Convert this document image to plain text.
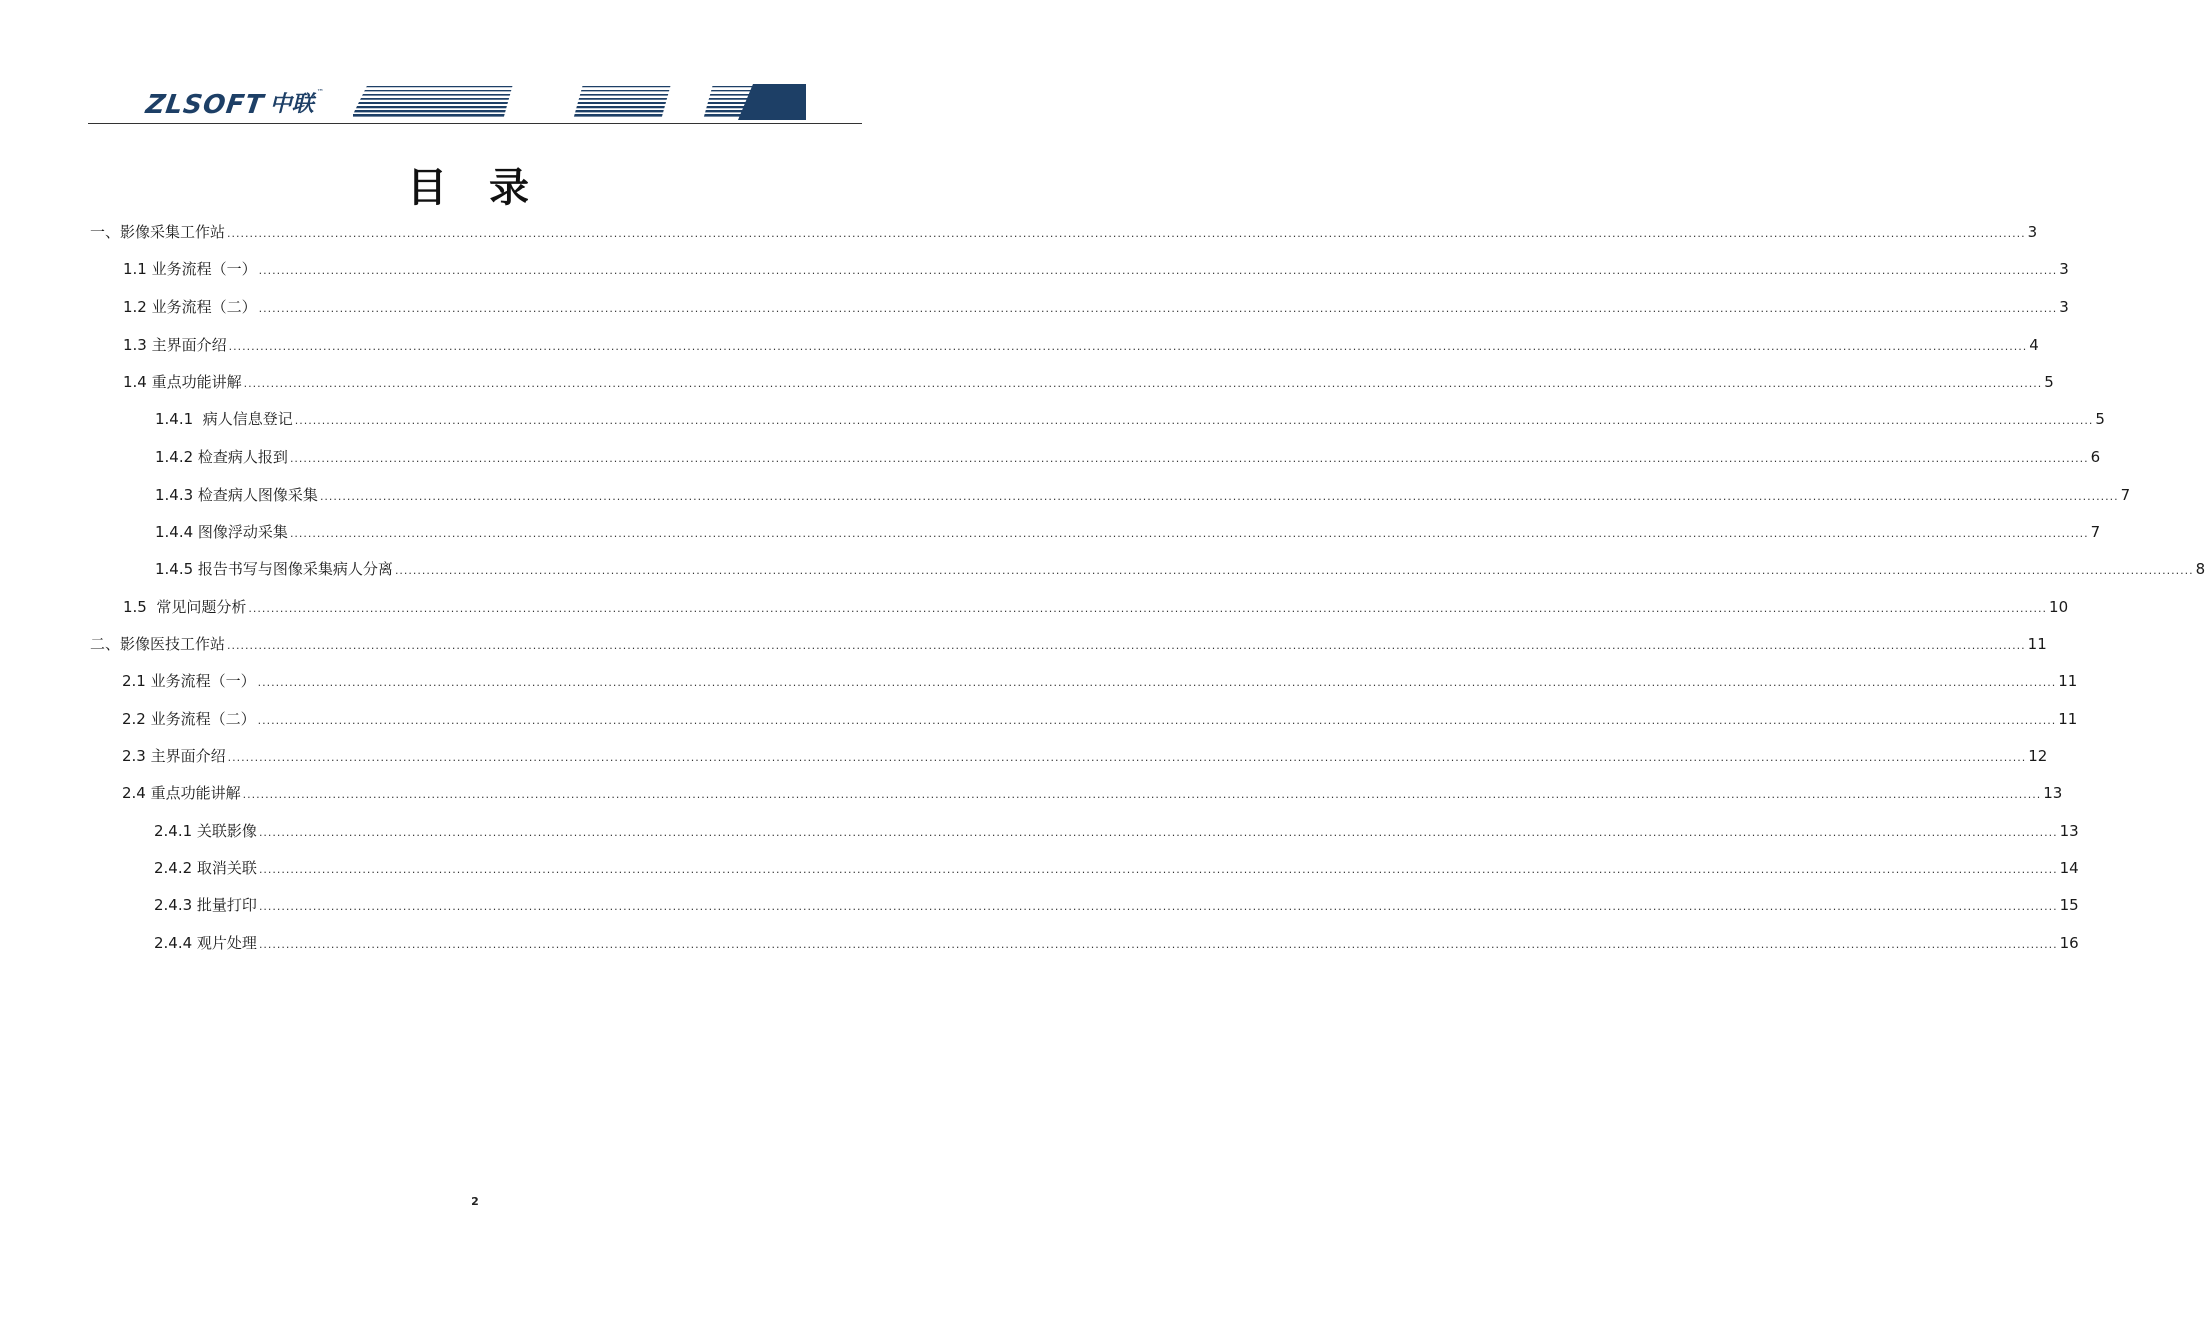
ZLSOFT 中联 ™
目 录
一、影像采集工作站 ................................................................................................................................................................................................................................................................................................................................................................................................................ 3
1.1 业务流程（一） ................................................................................................................................................................................................................................................................................................................................................................................................................ 3
1.2 业务流程（二） ................................................................................................................................................................................................................................................................................................................................................................................................................ 3
1.3 主界面介绍 ................................................................................................................................................................................................................................................................................................................................................................................................................ 4
1.4 重点功能讲解 ................................................................................................................................................................................................................................................................................................................................................................................................................ 5
1.4.1  病人信息登记 ................................................................................................................................................................................................................................................................................................................................................................................................................ 5
1.4.2 检查病人报到 ................................................................................................................................................................................................................................................................................................................................................................................................................ 6
1.4.3 检查病人图像采集 ................................................................................................................................................................................................................................................................................................................................................................................................................ 7
1.4.4 图像浮动采集 ................................................................................................................................................................................................................................................................................................................................................................................................................ 7
1.4.5 报告书写与图像采集病人分离 ................................................................................................................................................................................................................................................................................................................................................................................................................ 8
1.5  常见问题分析 ................................................................................................................................................................................................................................................................................................................................................................................................................ 10
二、影像医技工作站 ................................................................................................................................................................................................................................................................................................................................................................................................................ 11
2.1 业务流程（一） ................................................................................................................................................................................................................................................................................................................................................................................................................ 11
2.2 业务流程（二） ................................................................................................................................................................................................................................................................................................................................................................................................................ 11
2.3 主界面介绍 ................................................................................................................................................................................................................................................................................................................................................................................................................ 12
2.4 重点功能讲解 ................................................................................................................................................................................................................................................................................................................................................................................................................ 13
2.4.1 关联影像 ................................................................................................................................................................................................................................................................................................................................................................................................................ 13
2.4.2 取消关联 ................................................................................................................................................................................................................................................................................................................................................................................................................ 14
2.4.3 批量打印 ................................................................................................................................................................................................................................................................................................................................................................................................................ 15
2.4.4 观片处理 ................................................................................................................................................................................................................................................................................................................................................................................................................ 16
2
